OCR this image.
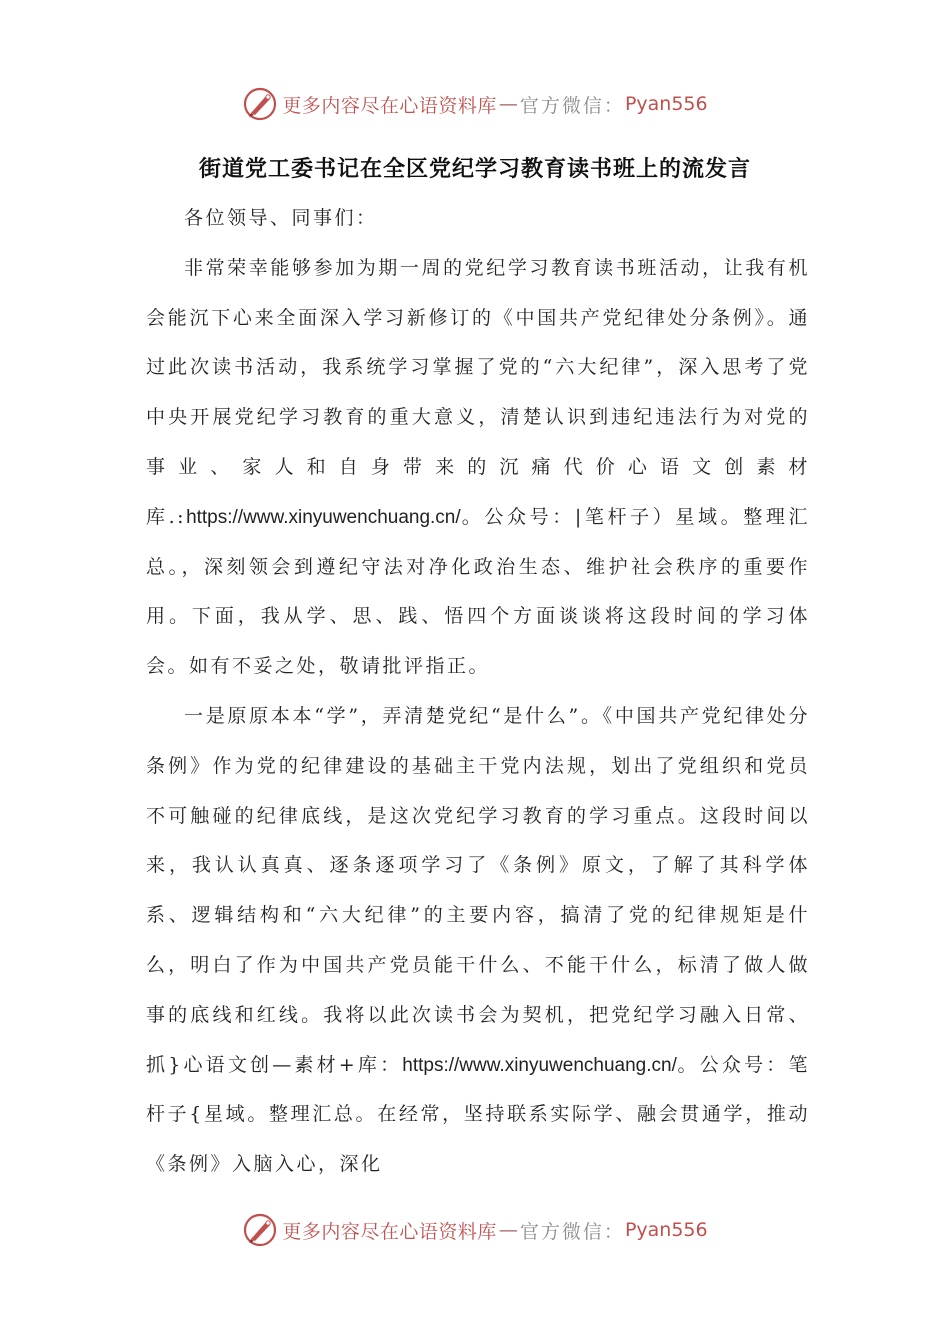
更多内容尽在心语资料库 — 官方微信： Pyan556
街道党工委书记在全区党纪学习教育读书班上的流发言

各位领导、同事们：

非常荣幸能够参加为期一周的党纪学习教育读书班活动，让我有机会能沉下心来全面深入学习新修订的《中国共产党纪律处分条例》。通过此次读书活动，我系统学习掌握了党的“六大纪律”，深入思考了党中央开展党纪学习教育的重大意义，清楚认识到违纪违法行为对党的事业、家人和自身带来的沉痛代价心语文创素材库.:https://www.xinyuwenchuang.cn/。公众号：|笔杆子）星域。整理汇总。，深刻领会到遵纪守法对净化政治生态、维护社会秩序的重要作用。下面，我从学、思、践、悟四个方面谈谈将这段时间的学习体会。如有不妥之处，敬请批评指正。

一是原原本本“学”，弄清楚党纪“是什么”。《中国共产党纪律处分条例》作为党的纪律建设的基础主干党内法规，划出了党组织和党员不可触碰的纪律底线，是这次党纪学习教育的学习重点。这段时间以来，我认认真真、逐条逐项学习了《条例》原文，了解了其科学体系、逻辑结构和“六大纪律”的主要内容，搞清了党的纪律规矩是什么，明白了作为中国共产党员能干什么、不能干什么，标清了做人做事的底线和红线。我将以此次读书会为契机，把党纪学习融入日常、抓}心语文创—素材+库：https://www.xinyuwenchuang.cn/。公众号：笔杆子{星域。整理汇总。在经常，坚持联系实际学、融会贯通学，推动《条例》入脑入心，深化

更多内容尽在心语资料库 — 官方微信： Pyan556
